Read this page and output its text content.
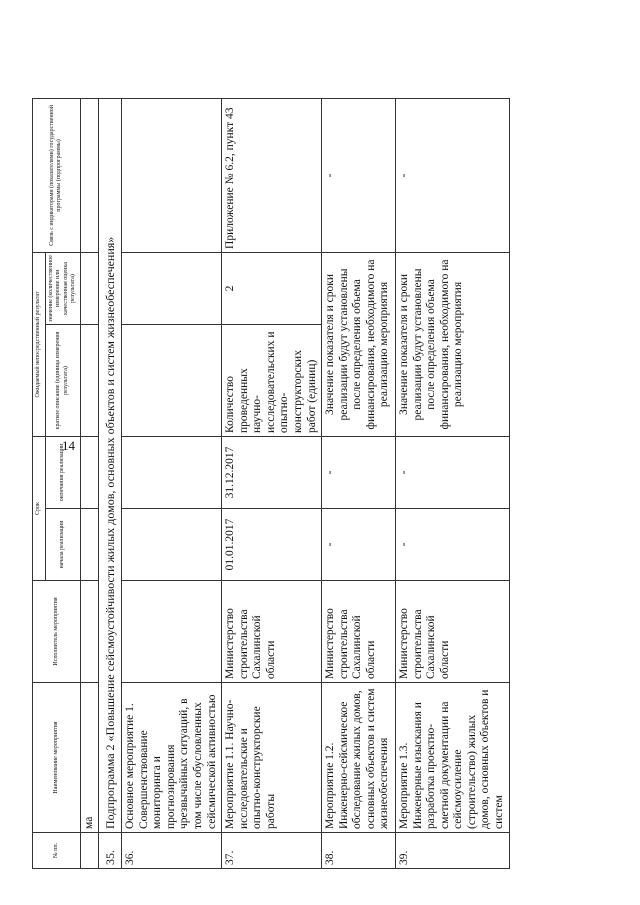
14
№ пп.	Наименование мероприятия	Исполнитель мероприятия	Срок		Ожидаемый непосредственный результат		Связь с индикаторами (показателями) государственной программы (подпрограммы)
			начала реализации	окончания реализации	краткое описание (единица измерения результата)	значение (количественное измерение или качественная оценка результата)	
	ма						
35.	Подпрограмма 2 «Повышение сейсмоустойчивости жилых домов, основных объектов и систем жизнеобеспечения»						
36.	Основное мероприятие 1. Совершенствование мониторинга и прогнозирования чрезвычайных ситуаций, в том числе обусловленных сейсмической активностью						
37.	Мероприятие 1.1. Научно-исследовательские и опытно-конструкторские работы	Министерство строительства Сахалинской области	01.01.2017	31.12.2017	Количество проведенных научно-исследовательских и опытно-конструкторских работ (единиц)	2	Приложение № 6.2, пункт 43
38.	Мероприятие 1.2. Инженерно-сейсмическое обследование жилых домов, основных объектов и систем жизнеобеспечения	Министерство строительства Сахалинской области	-	-	Значение показателя и сроки реализации будут установлены после определения объема финансирования, необходимого на реализацию мероприятия		-
39.	Мероприятие 1.3. Инженерные изыскания и разработка проектно-сметной документации на сейсмоусиление (строительство) жилых домов, основных объектов и систем	Министерство строительства Сахалинской области	-	-	Значение показателя и сроки реализации будут установлены после определения объема финансирования, необходимого на реализацию мероприятия		-
